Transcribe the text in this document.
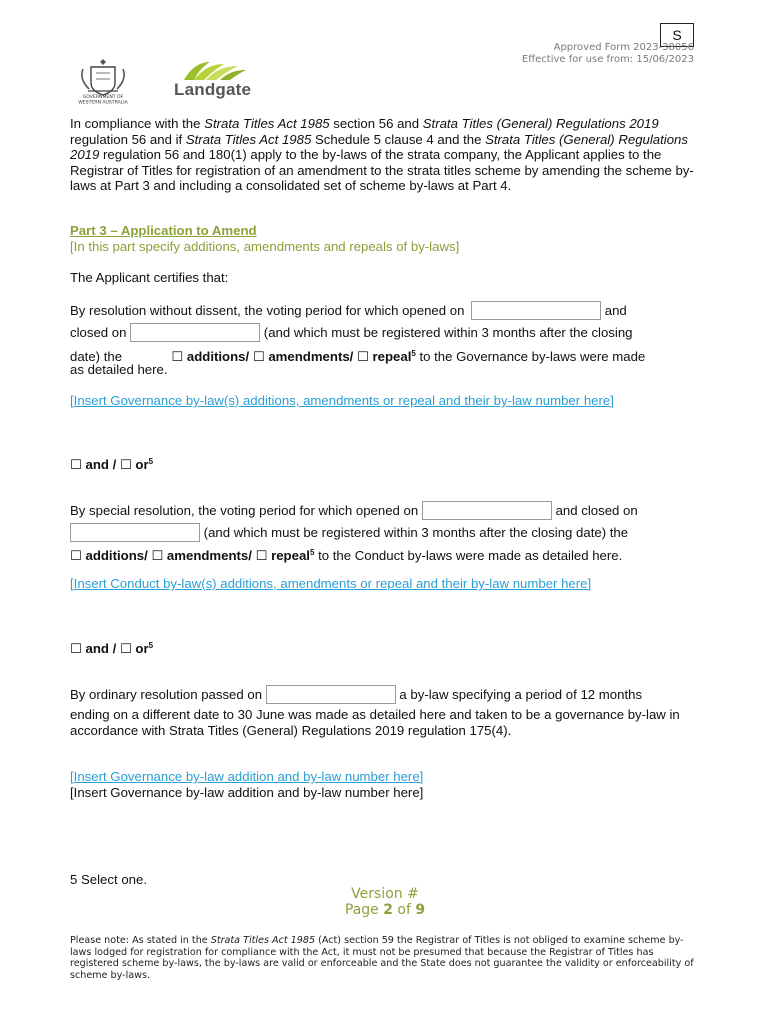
S
Approved Form 2023-38056
Effective for use from: 15/06/2023
GOVERNMENT OF
WESTERN AUSTRALIA
Landgate
In compliance with the Strata Titles Act 1985 section 56 and Strata Titles (General) Regulations 2019 regulation 56 and if Strata Titles Act 1985 Schedule 5 clause 4 and the Strata Titles (General) Regulations 2019 regulation 56 and 180(1) apply to the by-laws of the strata company, the Applicant applies to the Registrar of Titles for registration of an amendment to the strata titles scheme by amending the scheme by-laws at Part 3 and including a consolidated set of scheme by-laws at Part 4.
Part 3 – Application to Amend
[In this part specify additions, amendments and repeals of by-laws]
The Applicant certifies that:
By resolution without dissent, the voting period for which opened on	and
closed on	(and which must be registered within 3 months after the closing
date) the	☐ additions/ ☐ amendments/ ☐ repeal$^5$ to the Governance by-laws were made
as detailed here.
[Insert Governance by-law(s) additions, amendments or repeal and their by-law number here]
☐ and / ☐ $or^5$
By special resolution, the voting period for which opened on	and closed on
(and which must be registered within 3 months after the closing date) the
☐ additions/ ☐ amendments/ ☐ repeal$^5$ to the Conduct by-laws were made as detailed here.
[Insert Conduct by-law(s) additions, amendments or repeal and their by-law number here]
☐ and / ☐ $or^5$
By ordinary resolution passed on	a by-law specifying a period of 12 months
ending on a different date to 30 June was made as detailed here and taken to be a governance by-law in accordance with Strata Titles (General) Regulations 2019 regulation 175(4).
[Insert Governance by-law addition and by-law number here]
[Insert Governance by-law addition and by-law number here]
5 Select one.
Version #
Page 2 of 9
Please note: As stated in the Strata Titles Act 1985 (Act) section 59 the Registrar of Titles is not obliged to examine scheme by-laws lodged for registration for compliance with the Act, it must not be presumed that because the Registrar of Titles has registered scheme by-laws, the by-laws are valid or enforceable and the State does not guarantee the validity or enforceability of scheme by-laws.
